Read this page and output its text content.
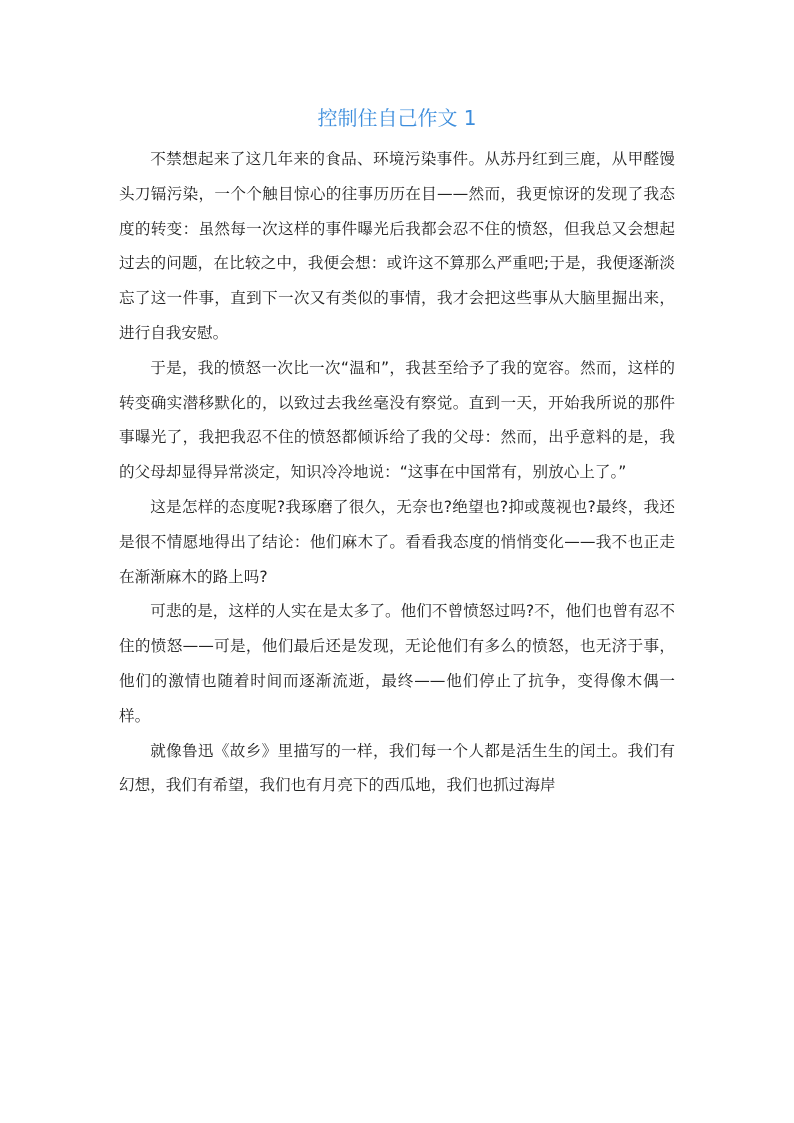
控制住自己作文 1

不禁想起来了这几年来的食品、环境污染事件。从苏丹红到三鹿，从甲醛馒头刀镉污染，一个个触目惊心的往事历历在目——然而，我更惊讶的发现了我态度的转变：虽然每一次这样的事件曝光后我都会忍不住的愤怒，但我总又会想起过去的问题，在比较之中，我便会想：或许这不算那么严重吧;于是，我便逐渐淡忘了这一件事，直到下一次又有类似的事情，我才会把这些事从大脑里掘出来，进行自我安慰。

于是，我的愤怒一次比一次“温和”，我甚至给予了我的宽容。然而，这样的转变确实潜移默化的，以致过去我丝毫没有察觉。直到一天，开始我所说的那件事曝光了，我把我忍不住的愤怒都倾诉给了我的父母：然而，出乎意料的是，我的父母却显得异常淡定，知识冷冷地说：“这事在中国常有，别放心上了。”

这是怎样的态度呢?我琢磨了很久，无奈也?绝望也?抑或蔑视也?最终，我还是很不情愿地得出了结论：他们麻木了。看看我态度的悄悄变化——我不也正走在渐渐麻木的路上吗?

可悲的是，这样的人实在是太多了。他们不曾愤怒过吗?不，他们也曾有忍不住的愤怒——可是，他们最后还是发现，无论他们有多么的愤怒，也无济于事，他们的激情也随着时间而逐渐流逝，最终——他们停止了抗争，变得像木偶一样。

就像鲁迅《故乡》里描写的一样，我们每一个人都是活生生的闰土。我们有幻想，我们有希望，我们也有月亮下的西瓜地，我们也抓过海岸
